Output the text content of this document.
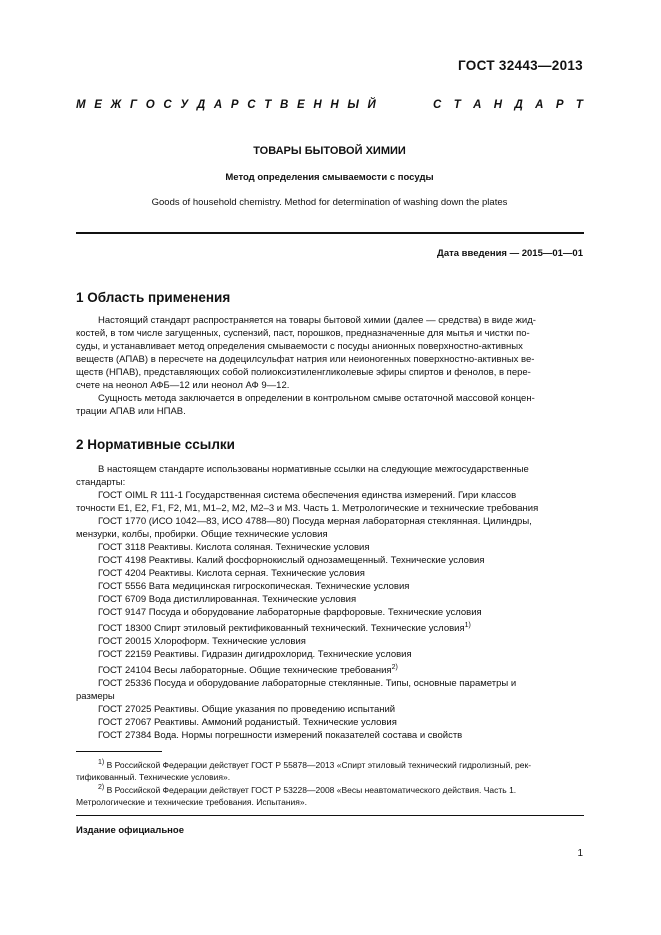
ГОСТ 32443—2013
М Е Ж Г О С У Д А Р С Т В Е Н Н Ы Й	С Т А Н Д А Р Т
ТОВАРЫ БЫТОВОЙ ХИМИИ
Метод определения смываемости с посуды
Goods of household chemistry. Method for determination of washing down the plates
Дата введения — 2015—01—01
1 Область применения
Настоящий стандарт распространяется на товары бытовой химии (далее — средства) в виде жид-
костей, в том числе загущенных, суспензий, паст, порошков, предназначенные для мытья и чистки по-
суды, и устанавливает метод определения смываемости с посуды анионных поверхностно-активных
веществ (АПАВ) в пересчете на додецилсульфат натрия или неионогенных поверхностно-активных ве-
ществ (НПАВ), представляющих собой полиоксиэтиленгликолевые эфиры спиртов и фенолов, в пере-
счете на неонол АФБ—12 или неонол АФ 9—12.
Сущность метода заключается в определении в контрольном смыве остаточной массовой концен-
трации АПАВ или НПАВ.
2 Нормативные ссылки
В настоящем стандарте использованы нормативные ссылки на следующие межгосударственные
стандарты:
ГОСТ OIML R 111-1 Государственная система обеспечения единства измерений. Гири классов
точности E1, E2, F1, F2, M1, M1–2, M2, M2–3 и M3. Часть 1. Метрологические и технические требования
ГОСТ 1770 (ИСО 1042—83, ИСО 4788—80) Посуда мерная лабораторная стеклянная. Цилиндры,
мензурки, колбы, пробирки. Общие технические условия
ГОСТ 3118 Реактивы. Кислота соляная. Технические условия
ГОСТ 4198 Реактивы. Калий фосфорнокислый однозамещенный. Технические условия
ГОСТ 4204 Реактивы. Кислота серная. Технические условия
ГОСТ 5556 Вата медицинская гигроскопическая. Технические условия
ГОСТ 6709 Вода дистиллированная. Технические условия
ГОСТ 9147 Посуда и оборудование лабораторные фарфоровые. Технические условия
ГОСТ 18300 Спирт этиловый ректификованный технический. Технические условия$^{1)}$
ГОСТ 20015 Хлороформ. Технические условия
ГОСТ 22159 Реактивы. Гидразин дигидрохлорид. Технические условия
ГОСТ 24104 Весы лабораторные. Общие технические требования$^{2)}$
ГОСТ 25336 Посуда и оборудование лабораторные стеклянные. Типы, основные параметры и
размеры
ГОСТ 27025 Реактивы. Общие указания по проведению испытаний
ГОСТ 27067 Реактивы. Аммоний роданистый. Технические условия
ГОСТ 27384 Вода. Нормы погрешности измерений показателей состава и свойств
$^{1)}$ В Российской Федерации действует ГОСТ Р 55878—2013 «Спирт этиловый технический гидролизный, рек-
тификованный. Технические условия».
$^{2)}$ В Российской Федерации действует ГОСТ Р 53228—2008 «Весы неавтоматического действия. Часть 1.
Метрологические и технические требования. Испытания».
Издание официальное
1
